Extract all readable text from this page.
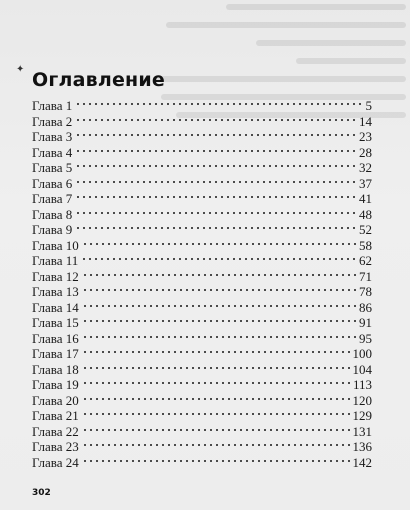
✦ Оглавление
Глава 1	5
Глава 2	14
Глава 3	23
Глава 4	28
Глава 5	32
Глава 6	37
Глава 7	41
Глава 8	48
Глава 9	52
Глава 10	58
Глава 11	62
Глава 12	71
Глава 13	78
Глава 14	86
Глава 15	91
Глава 16	95
Глава 17	100
Глава 18	104
Глава 19	113
Глава 20	120
Глава 21	129
Глава 22	131
Глава 23	136
Глава 24	142
302
